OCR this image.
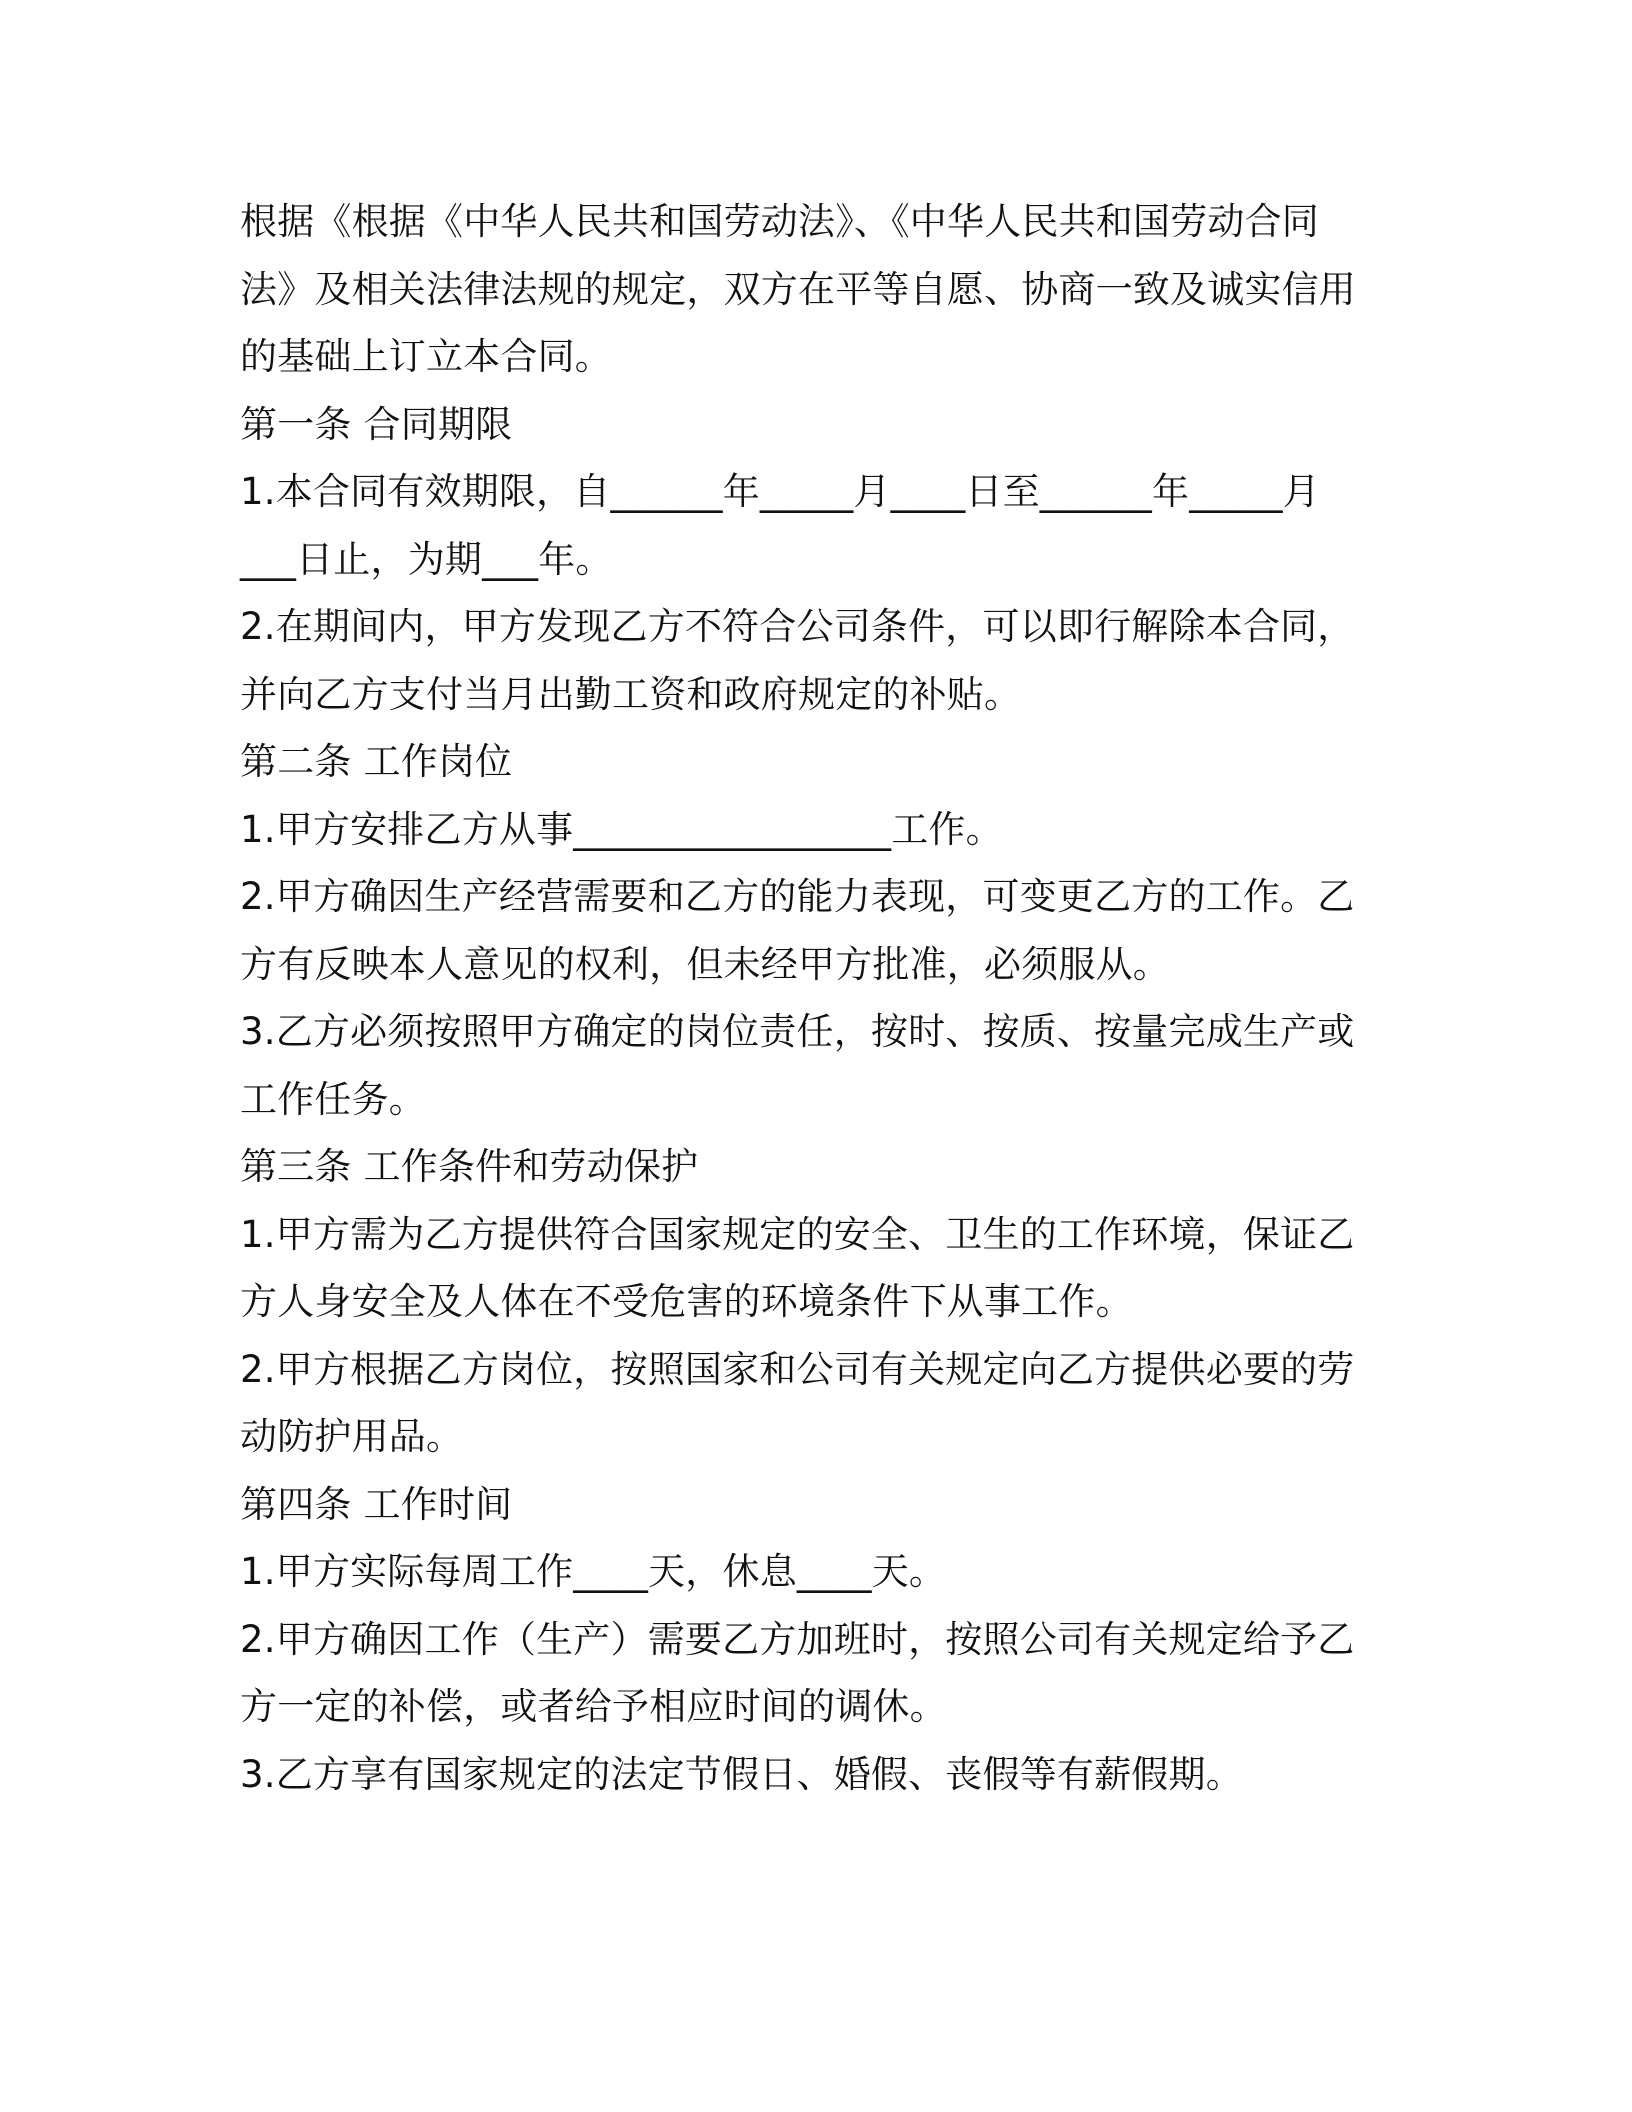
根据《根据《中华人民共和国劳动法》、《中华人民共和国劳动合同
法》及相关法律法规的规定，双方在平等自愿、协商一致及诚实信用
的基础上订立本合同。
第一条 合同期限
1.本合同有效期限，自______年_____月____日至______年_____月
___日止，为期___年。
2.在期间内，甲方发现乙方不符合公司条件，可以即行解除本合同，
并向乙方支付当月出勤工资和政府规定的补贴。
第二条 工作岗位
1.甲方安排乙方从事_________________工作。
2.甲方确因生产经营需要和乙方的能力表现，可变更乙方的工作。乙
方有反映本人意见的权利，但未经甲方批准，必须服从。
3.乙方必须按照甲方确定的岗位责任，按时、按质、按量完成生产或
工作任务。
第三条 工作条件和劳动保护
1.甲方需为乙方提供符合国家规定的安全、卫生的工作环境，保证乙
方人身安全及人体在不受危害的环境条件下从事工作。
2.甲方根据乙方岗位，按照国家和公司有关规定向乙方提供必要的劳
动防护用品。
第四条 工作时间
1.甲方实际每周工作____天，休息____天。
2.甲方确因工作（生产）需要乙方加班时，按照公司有关规定给予乙
方一定的补偿，或者给予相应时间的调休。
3.乙方享有国家规定的法定节假日、婚假、丧假等有薪假期。
